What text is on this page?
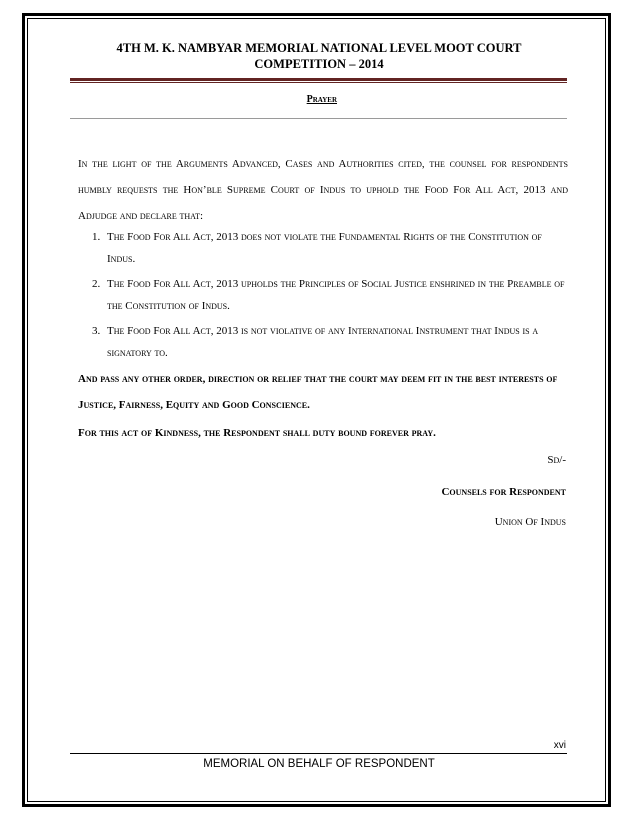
4TH M. K. NAMBYAR MEMORIAL NATIONAL LEVEL MOOT COURT
COMPETITION – 2014
Prayer
In the light of the Arguments Advanced, Cases and Authorities cited, the counsel for respondents humbly requests the Hon’ble Supreme Court of Indus to uphold the Food For All Act, 2013 and Adjudge and declare that:
1. The Food For All Act, 2013 does not violate the Fundamental Rights of the Constitution of Indus.
2. The Food For All Act, 2013 upholds the Principles of Social Justice enshrined in the Preamble of the Constitution of Indus.
3. The Food For All Act, 2013 is not violative of any International Instrument that Indus is a signatory to.
And pass any other order, direction or relief that the court may deem fit in the best interests of Justice, Fairness, Equity and Good Conscience.
For this act of Kindness, the Respondent shall duty bound forever pray.
Sd/-
Counsels for Respondent
Union Of Indus
xvi
MEMORIAL ON BEHALF OF RESPONDENT
